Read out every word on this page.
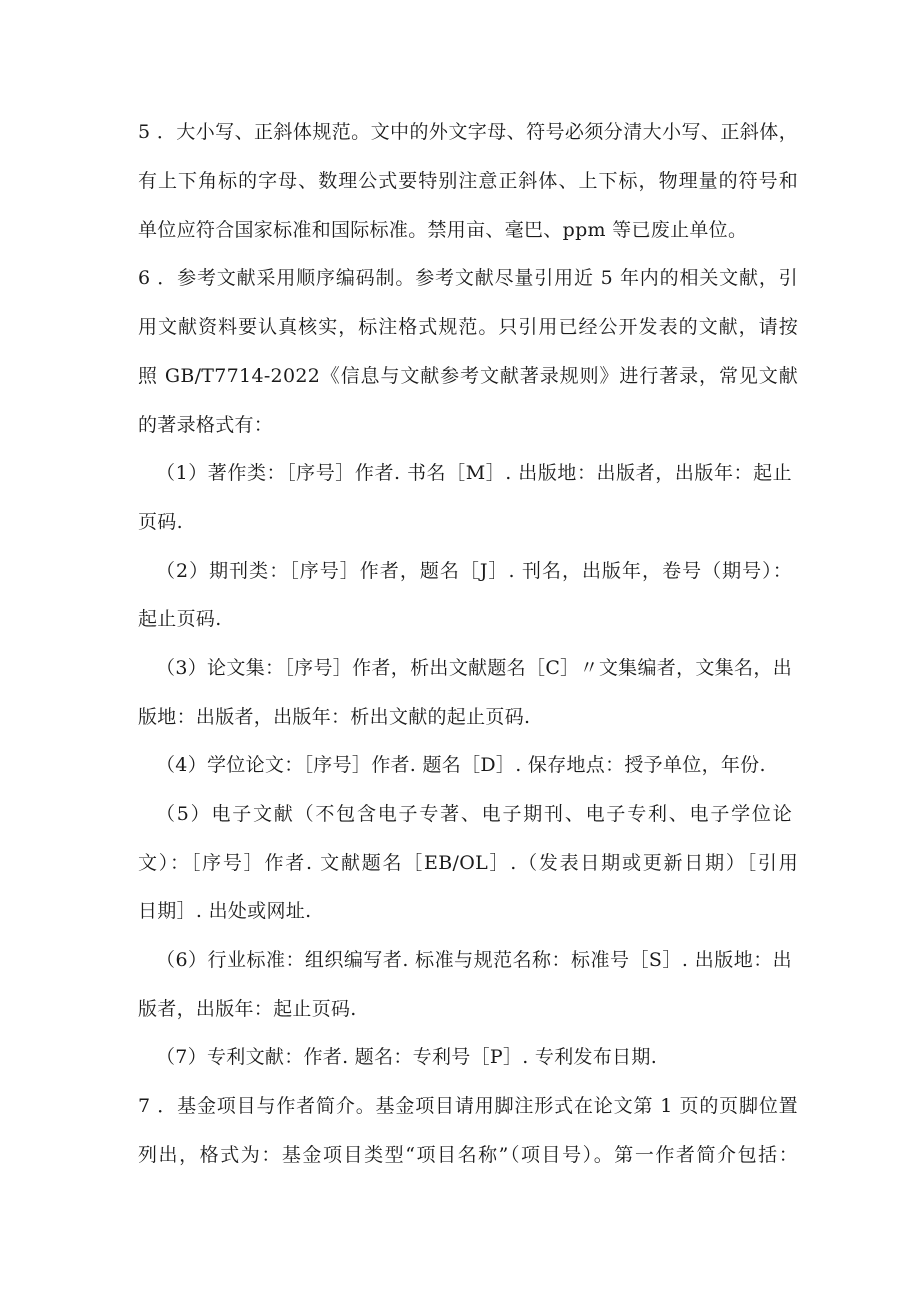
5 ．大小写、正斜体规范。文中的外文字母、符号必须分清大小写、正斜体，
有上下角标的字母、数理公式要特别注意正斜体、上下标，物理量的符号和
单位应符合国家标准和国际标准。禁用亩、毫巴、ppm 等已废止单位。
6 ．参考文献采用顺序编码制。参考文献尽量引用近 5 年内的相关文献，引
用文献资料要认真核实，标注格式规范。只引用已经公开发表的文献，请按
照 GB/T7714-2022《信息与文献参考文献著录规则》进行著录，常见文献
的著录格式有：
（1）著作类：［序号］作者. 书名［M］. 出版地：出版者，出版年：起止
页码.
（2）期刊类：［序号］作者，题名［J］. 刊名，出版年，卷号（期号）：
起止页码.
（3）论文集：［序号］作者，析出文献题名［C］〃文集编者，文集名，出
版地：出版者，出版年：析出文献的起止页码.
（4）学位论文：［序号］作者. 题名［D］. 保存地点：授予单位，年份.
（5）电子文献（不包含电子专著、电子期刊、电子专利、电子学位论
文）：［序号］作者. 文献题名［EB/OL］.（发表日期或更新日期）［引用
日期］. 出处或网址.
（6）行业标准：组织编写者. 标准与规范名称：标准号［S］. 出版地：出
版者，出版年：起止页码.
（7）专利文献：作者. 题名：专利号［P］. 专利发布日期.
7 ．基金项目与作者简介。基金项目请用脚注形式在论文第 1 页的页脚位置
列出，格式为：基金项目类型“项目名称”（项目号）。第一作者简介包括：
